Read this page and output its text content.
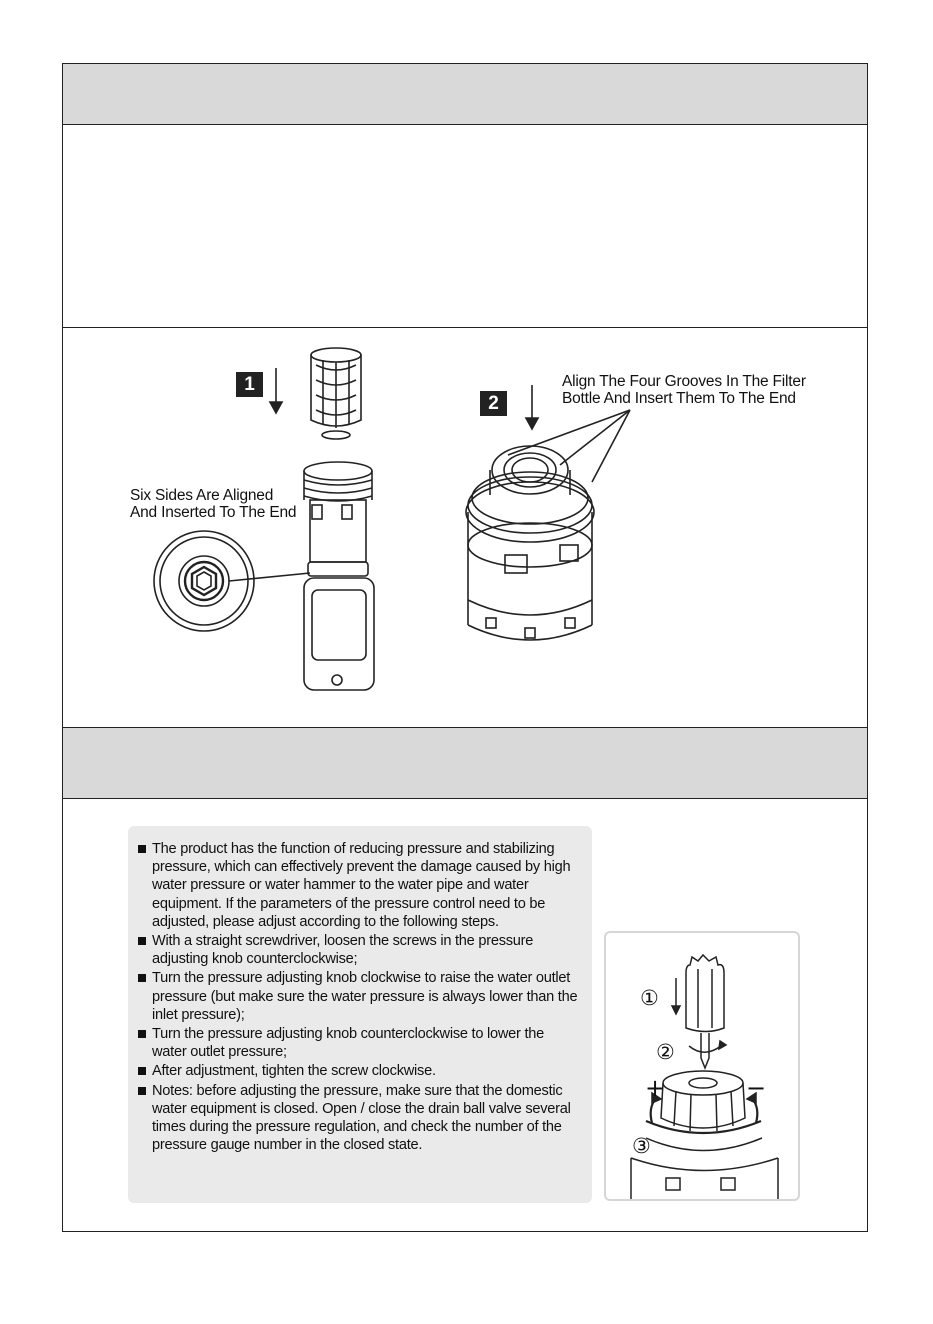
1
2
Six Sides Are Aligned
And Inserted To The End
Align The Four Grooves In The Filter
Bottle And Insert Them To The End
The product has the function of reducing pressure and stabilizing pressure, which can effectively prevent the damage caused by high water pressure or water hammer to the water pipe and water equipment. If the parameters of the pressure control need to be adjusted, please adjust according to the following steps.
With a straight screwdriver, loosen the screws in the pressure adjusting knob counterclockwise;
Turn the pressure adjusting knob clockwise to raise the water outlet pressure (but make sure the water pressure is always lower than the inlet pressure);
Turn the pressure adjusting knob counterclockwise to lower the water outlet pressure;
After adjustment, tighten the screw clockwise.
Notes: before adjusting the pressure, make sure that the domestic water equipment is closed. Open / close the drain ball valve several times during the pressure regulation, and check the number of the pressure gauge number in the closed state.
①
②
③
+	−
